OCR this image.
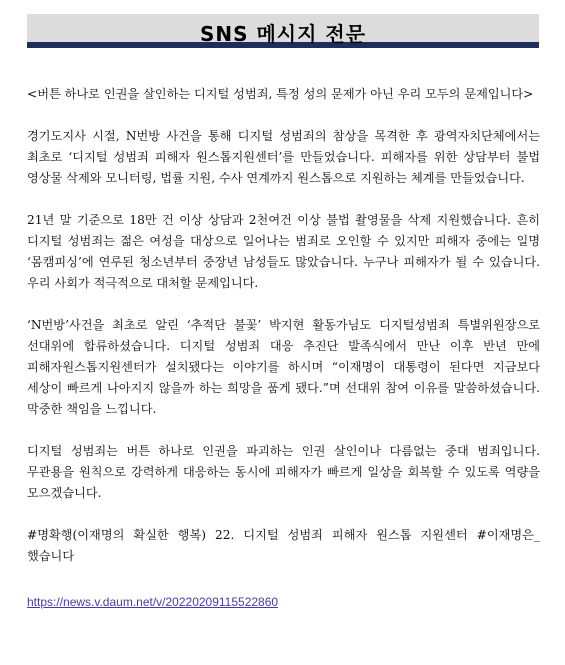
SNS 메시지 전문

<버튼 하나로 인권을 살인하는 디지털 성범죄, 특정 성의 문제가 아닌 우리 모두의 문제입니다>

경기도지사 시절, N번방 사건을 통해 디지털 성범죄의 참상을 목격한 후 광역자치단체에서는 최초로 ‘디지털 성범죄 피해자 원스톱지원센터’를 만들었습니다. 피해자를 위한 상담부터 불법 영상물 삭제와 모니터링, 법률 지원, 수사 연계까지 원스톱으로 지원하는 체계를 만들었습니다.

21년 말 기준으로 18만 건 이상 상담과 2천여건 이상 불법 촬영물을 삭제 지원했습니다. 흔히 디지털 성범죄는 젊은 여성을 대상으로 일어나는 범죄로 오인할 수 있지만 피해자 중에는 일명 ‘몸캠피싱’에 연루된 청소년부터 중장년 남성들도 많았습니다. 누구나 피해자가 될 수 있습니다. 우리 사회가 적극적으로 대처할 문제입니다.

‘N번방’사건을 최초로 알린 ‘추적단 불꽃’ 박지현 활동가님도 디지털성범죄 특별위원장으로 선대위에 합류하셨습니다. 디지털 성범죄 대응 추진단 발족식에서 만난 이후 반년 만에 피해자원스톱지원센터가 설치됐다는 이야기를 하시며 “이재명이 대통령이 된다면 지금보다 세상이 빠르게 나아지지 않을까 하는 희망을 품게 됐다.”며 선대위 참여 이유를 말씀하셨습니다. 막중한 책임을 느낍니다.

디지털 성범죄는 버튼 하나로 인권을 파괴하는 인권 살인이나 다름없는 중대 범죄입니다. 무관용을 원칙으로 강력하게 대응하는 동시에 피해자가 빠르게 일상을 회복할 수 있도록 역량을 모으겠습니다.

#명확행(이재명의 확실한 행복) 22. 디지털 성범죄 피해자 원스톱 지원센터 #이재명은_했습니다

https://news.v.daum.net/v/20220209115522860
